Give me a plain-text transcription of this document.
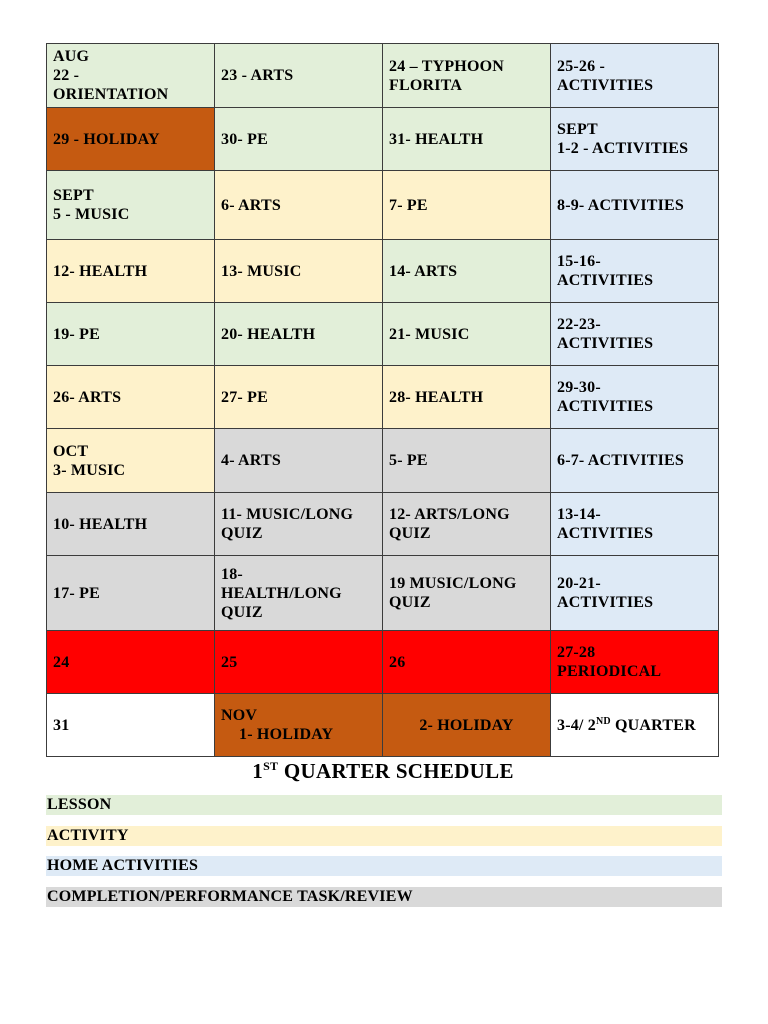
AUG
22 -
ORIENTATION	23 - ARTS	24 – TYPHOON
FLORITA	25-26 -
ACTIVITIES

29 - HOLIDAY	30- PE	31- HEALTH	SEPT
1-2 - ACTIVITIES

SEPT
5 - MUSIC	6- ARTS	7- PE	8-9- ACTIVITIES

12- HEALTH	13- MUSIC	14- ARTS	15-16-
ACTIVITIES

19- PE	20- HEALTH	21- MUSIC	22-23-
ACTIVITIES

26- ARTS	27- PE	28- HEALTH	29-30-
ACTIVITIES

OCT
3- MUSIC	4- ARTS	5- PE	6-7- ACTIVITIES

10- HEALTH	11- MUSIC/LONG
QUIZ	12- ARTS/LONG
QUIZ	13-14-
ACTIVITIES

17- PE	18-
HEALTH/LONG
QUIZ	19 MUSIC/LONG
QUIZ	20-21-
ACTIVITIES

24	25	26	27-28
PERIODICAL

31	NOV
1- HOLIDAY	2- HOLIDAY	3-4/ 2ND QUARTER
1ST QUARTER SCHEDULE
LESSON
ACTIVITY
HOME ACTIVITIES
COMPLETION/PERFORMANCE TASK/REVIEW
